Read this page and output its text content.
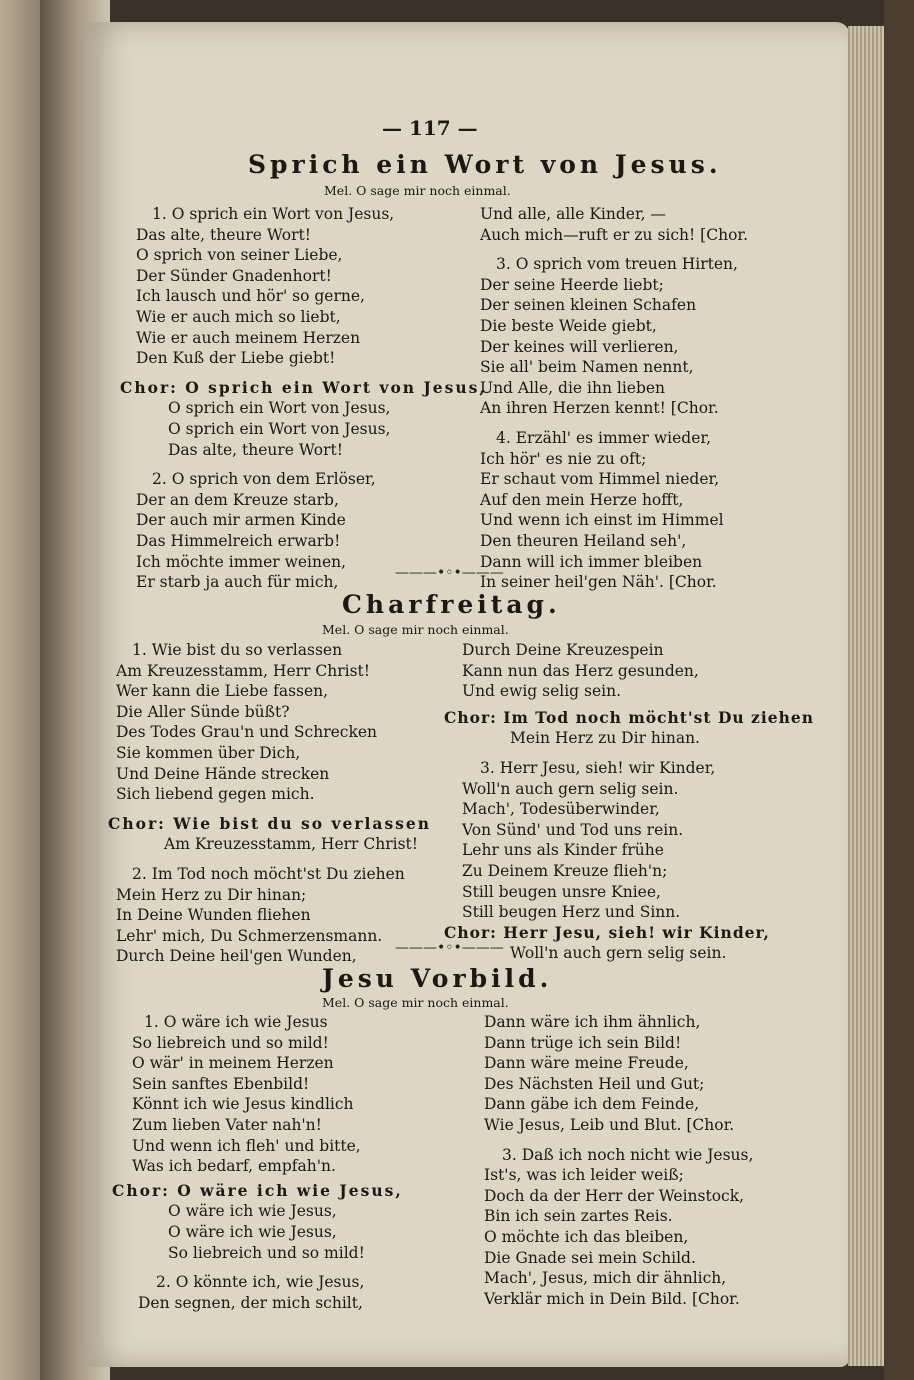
— 117 —
Sprich ein Wort von Jesus.
Mel. O sage mir noch einmal.
1. O sprich ein Wort von Jesus,
Das alte, theure Wort!
O sprich von seiner Liebe,
Der Sünder Gnadenhort!
Ich lausch und hör' so gerne,
Wie er auch mich so liebt,
Wie er auch meinem Herzen
Den Kuß der Liebe giebt!
Chor: O sprich ein Wort von Jesus,
O sprich ein Wort von Jesus,
O sprich ein Wort von Jesus,
Das alte, theure Wort!
2. O sprich von dem Erlöser,
Der an dem Kreuze starb,
Der auch mir armen Kinde
Das Himmelreich erwarb!
Ich möchte immer weinen,
Er starb ja auch für mich,
Und alle, alle Kinder, —
Auch mich—ruft er zu sich! [Chor.
3. O sprich vom treuen Hirten,
Der seine Heerde liebt;
Der seinen kleinen Schafen
Die beste Weide giebt,
Der keines will verlieren,
Sie all' beim Namen nennt,
Und Alle, die ihn lieben
An ihren Herzen kennt! [Chor.
4. Erzähl' es immer wieder,
Ich hör' es nie zu oft;
Er schaut vom Himmel nieder,
Auf den mein Herze hofft,
Und wenn ich einst im Himmel
Den theuren Heiland seh',
Dann will ich immer bleiben
In seiner heil'gen Näh'. [Chor.
———•◦•———
Charfreitag.
Mel. O sage mir noch einmal.
1. Wie bist du so verlassen
Am Kreuzesstamm, Herr Christ!
Wer kann die Liebe fassen,
Die Aller Sünde büßt?
Des Todes Grau'n und Schrecken
Sie kommen über Dich,
Und Deine Hände strecken
Sich liebend gegen mich.
Chor: Wie bist du so verlassen
Am Kreuzesstamm, Herr Christ!
2. Im Tod noch möcht'st Du ziehen
Mein Herz zu Dir hinan;
In Deine Wunden fliehen
Lehr' mich, Du Schmerzensmann.
Durch Deine heil'gen Wunden,
Durch Deine Kreuzespein
Kann nun das Herz gesunden,
Und ewig selig sein.
Chor: Im Tod noch möcht'st Du ziehen
Mein Herz zu Dir hinan.
3. Herr Jesu, sieh! wir Kinder,
Woll'n auch gern selig sein.
Mach', Todesüberwinder,
Von Sünd' und Tod uns rein.
Lehr uns als Kinder frühe
Zu Deinem Kreuze flieh'n;
Still beugen unsre Kniee,
Still beugen Herz und Sinn.
Chor: Herr Jesu, sieh! wir Kinder,
Woll'n auch gern selig sein.
———•◦•———
Jesu Vorbild.
Mel. O sage mir noch einmal.
1. O wäre ich wie Jesus
So liebreich und so mild!
O wär' in meinem Herzen
Sein sanftes Ebenbild!
Könnt ich wie Jesus kindlich
Zum lieben Vater nah'n!
Und wenn ich fleh' und bitte,
Was ich bedarf, empfah'n.
Chor: O wäre ich wie Jesus,
O wäre ich wie Jesus,
O wäre ich wie Jesus,
So liebreich und so mild!
2. O könnte ich, wie Jesus,
Den segnen, der mich schilt,
Dann wäre ich ihm ähnlich,
Dann trüge ich sein Bild!
Dann wäre meine Freude,
Des Nächsten Heil und Gut;
Dann gäbe ich dem Feinde,
Wie Jesus, Leib und Blut. [Chor.
3. Daß ich noch nicht wie Jesus,
Ist's, was ich leider weiß;
Doch da der Herr der Weinstock,
Bin ich sein zartes Reis.
O möchte ich das bleiben,
Die Gnade sei mein Schild.
Mach', Jesus, mich dir ähnlich,
Verklär mich in Dein Bild. [Chor.
